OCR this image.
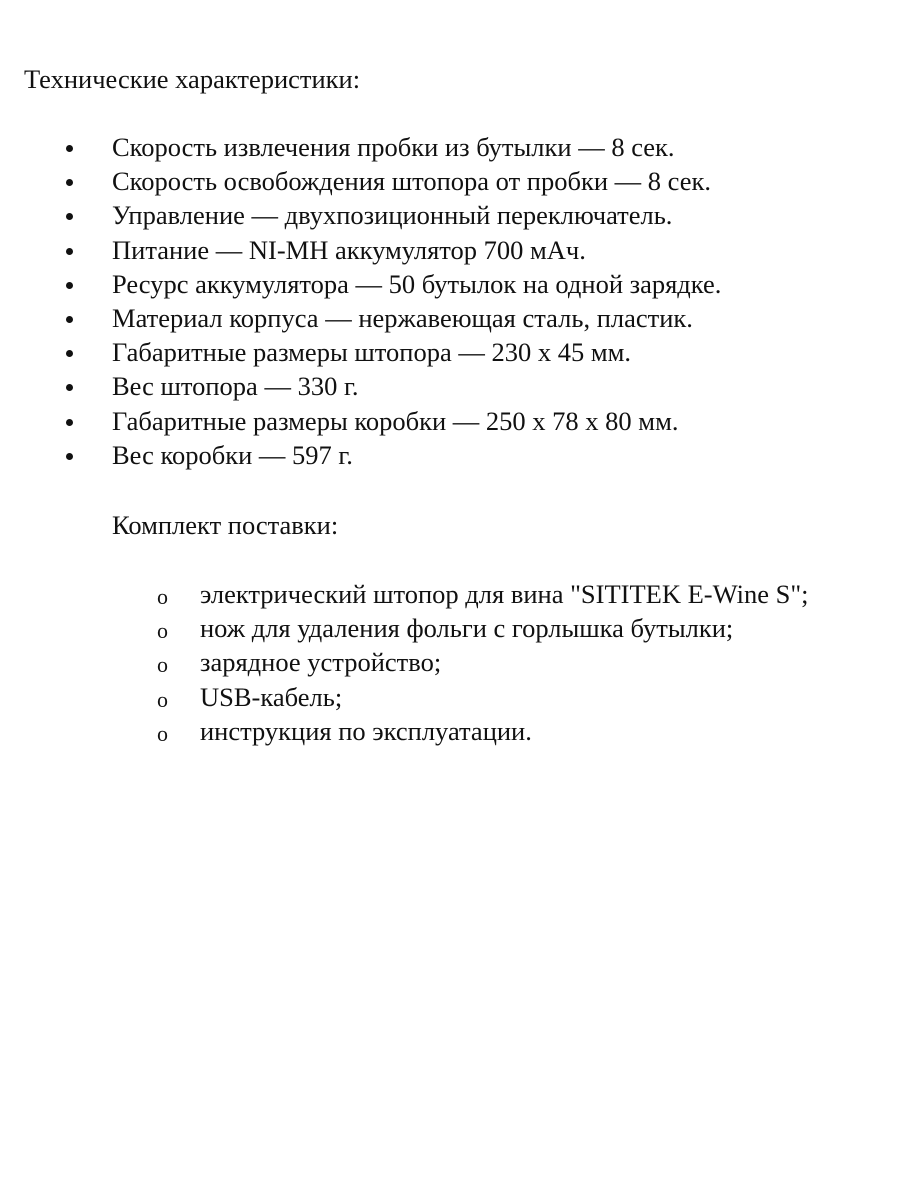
Технические характеристики:
Скорость извлечения пробки из бутылки — 8 сек.
Скорость освобождения штопора от пробки — 8 сек.
Управление — двухпозиционный переключатель.
Питание — NI-MH аккумулятор 700 мАч.
Ресурс аккумулятора — 50 бутылок на одной зарядке.
Материал корпуса — нержавеющая сталь, пластик.
Габаритные размеры штопора — 230 х 45 мм.
Вес штопора — 330 г.
Габаритные размеры коробки — 250 х 78 х 80 мм.
Вес коробки — 597 г.
Комплект поставки:
o электрический штопор для вина "SITITEK E-Wine S";
o нож для удаления фольги с горлышка бутылки;
o зарядное устройство;
o USB-кабель;
o инструкция по эксплуатации.
